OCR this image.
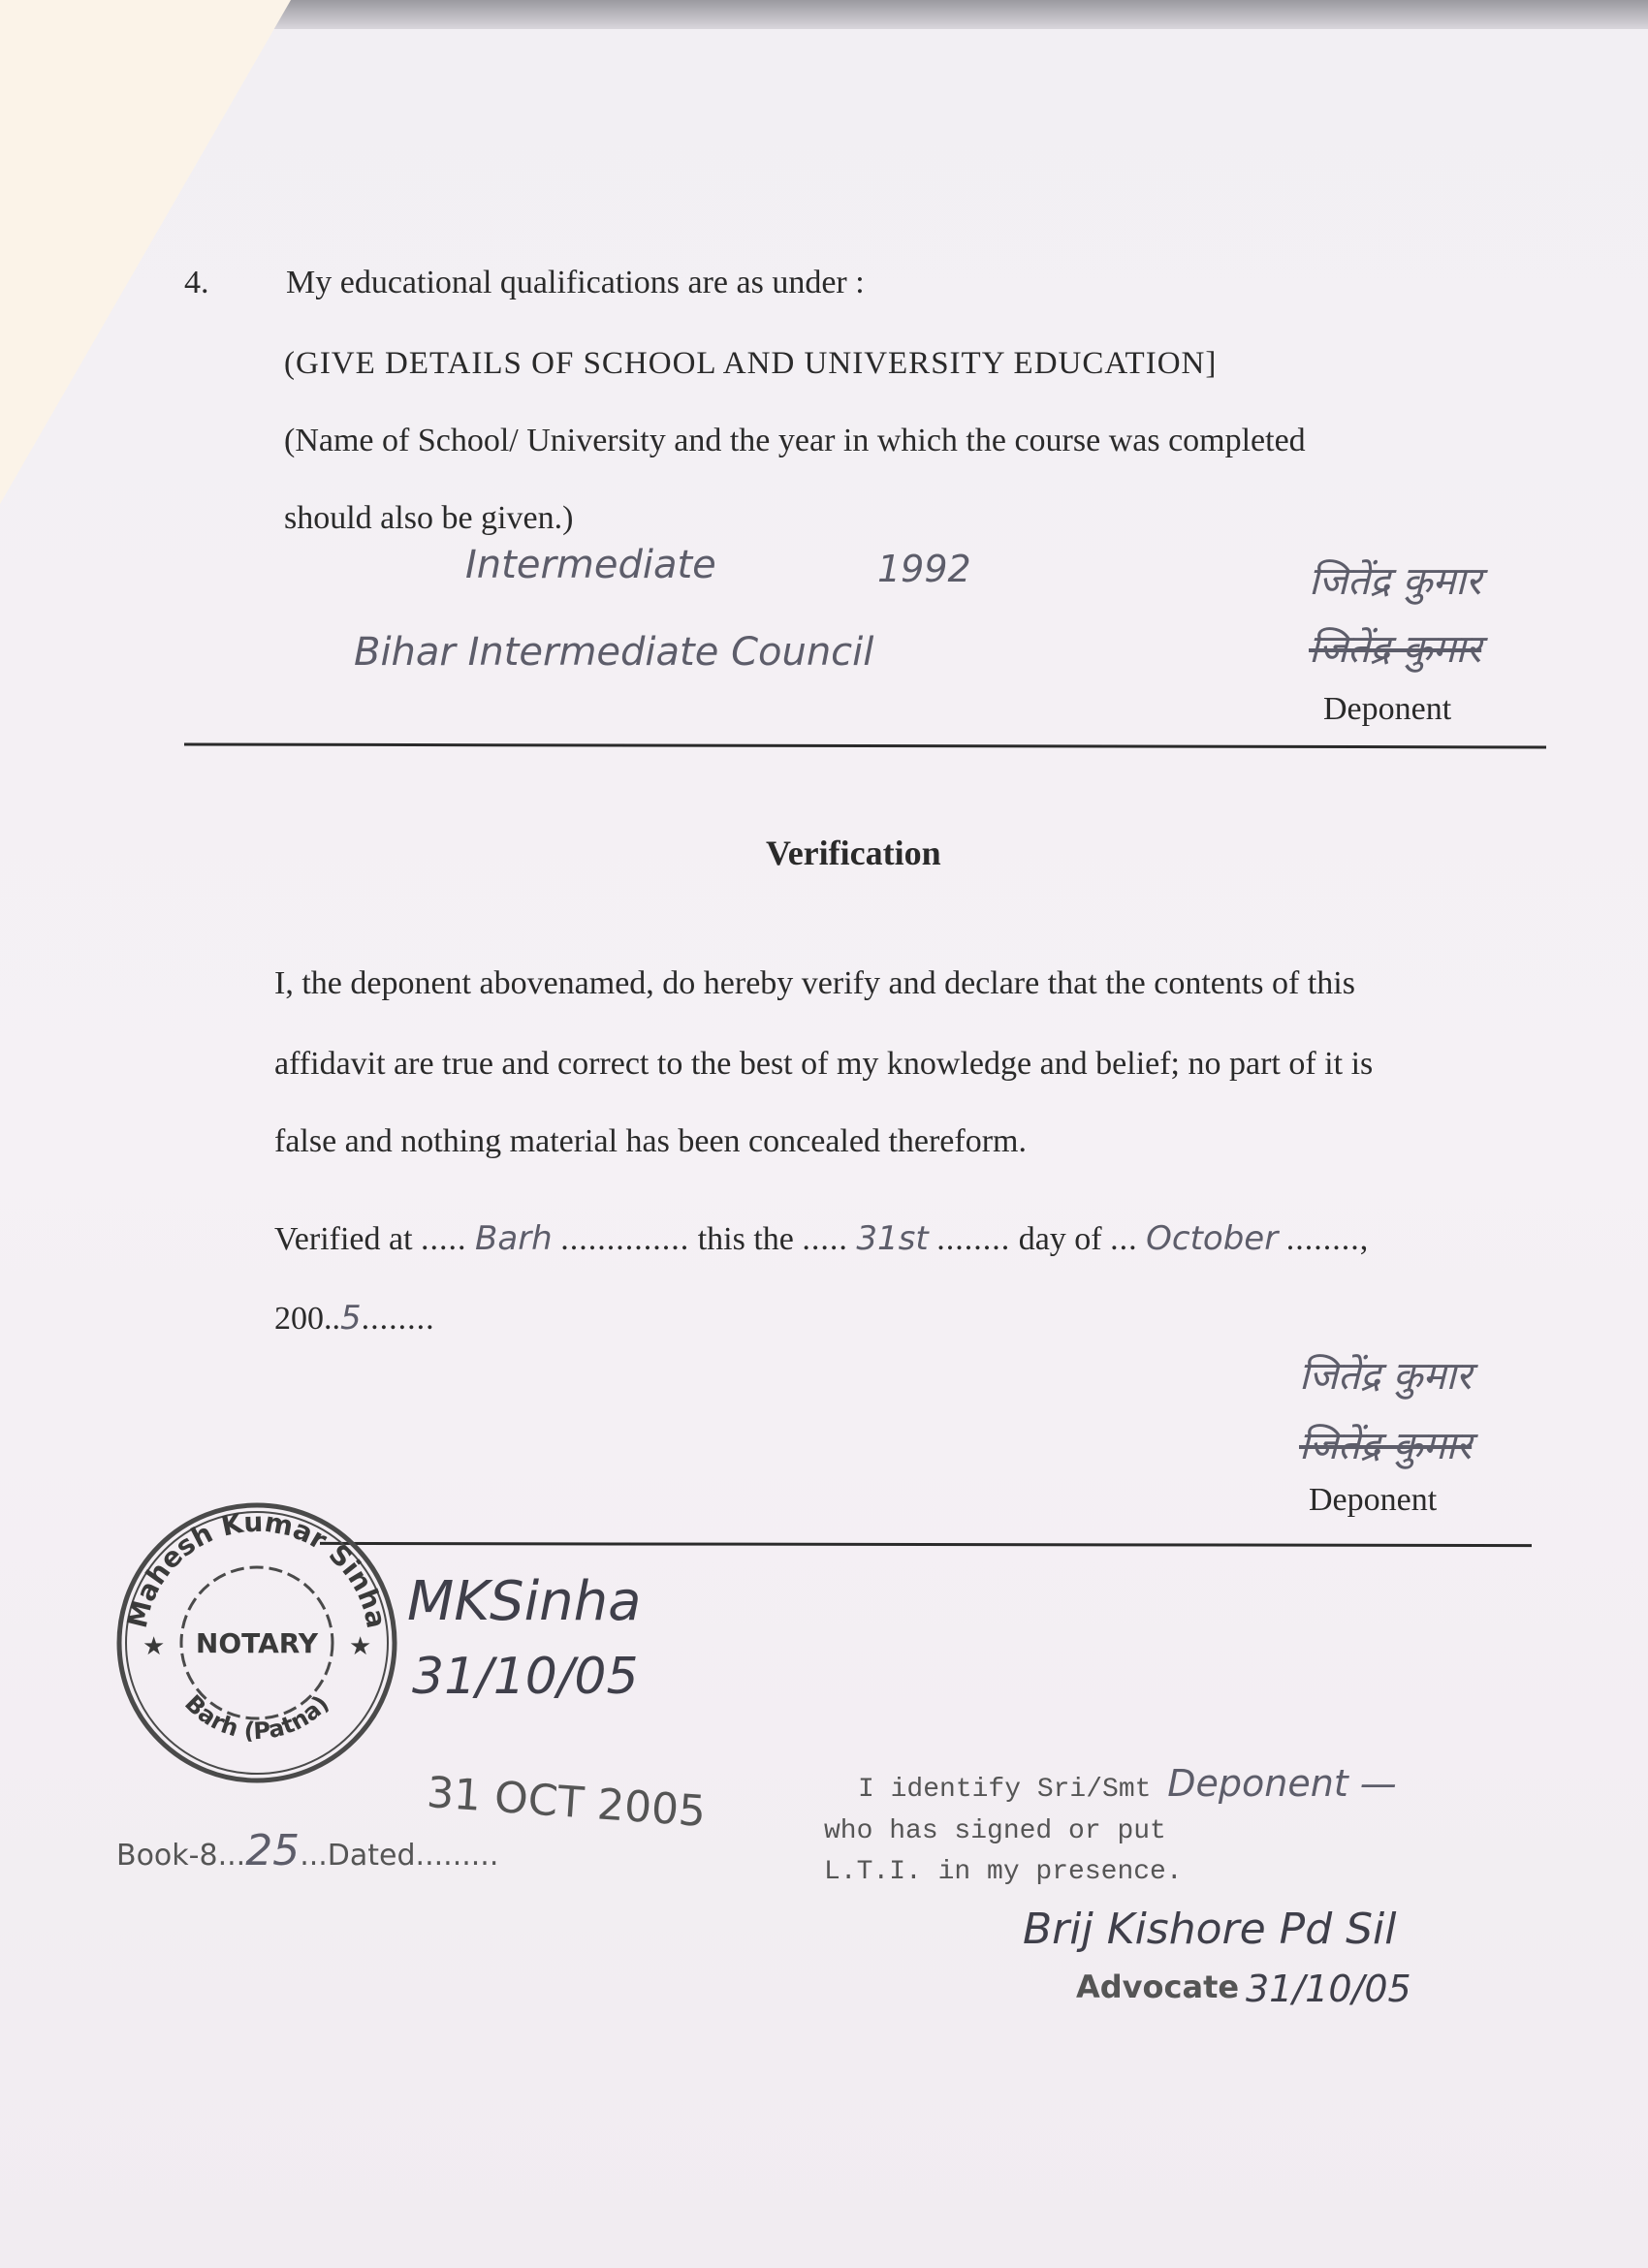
4. My educational qualifications are as under :
(GIVE DETAILS OF SCHOOL AND UNIVERSITY EDUCATION]
(Name of School/ University and the year in which the course was completed
should also be given.)
Intermediate	1992
Bihar Intermediate Council
जितेंद्र कुमार
जितेंद्र कुमार
Deponent
Verification
I, the deponent abovenamed, do hereby verify and declare that the contents of this
affidavit are true and correct to the best of my knowledge and belief; no part of it is
false and nothing material has been concealed thereform.
Verified at ..... Barh .............. this the ..... 31st ........ day of ... October ........,
200..5........
जितेंद्र कुमार
जितेंद्र कुमार
Deponent
Mahesh Kumar Sinha
Barh (Patna)
NOTARY
★	★
MKSinha
31/10/05
Book-8...25...Dated.........
31 OCT 2005	I identify Sri/Smt Deponent —
who has signed or put
L.T.I. in my presence.
Brij Kishore Pd Sil
Advocate 31/10/05
